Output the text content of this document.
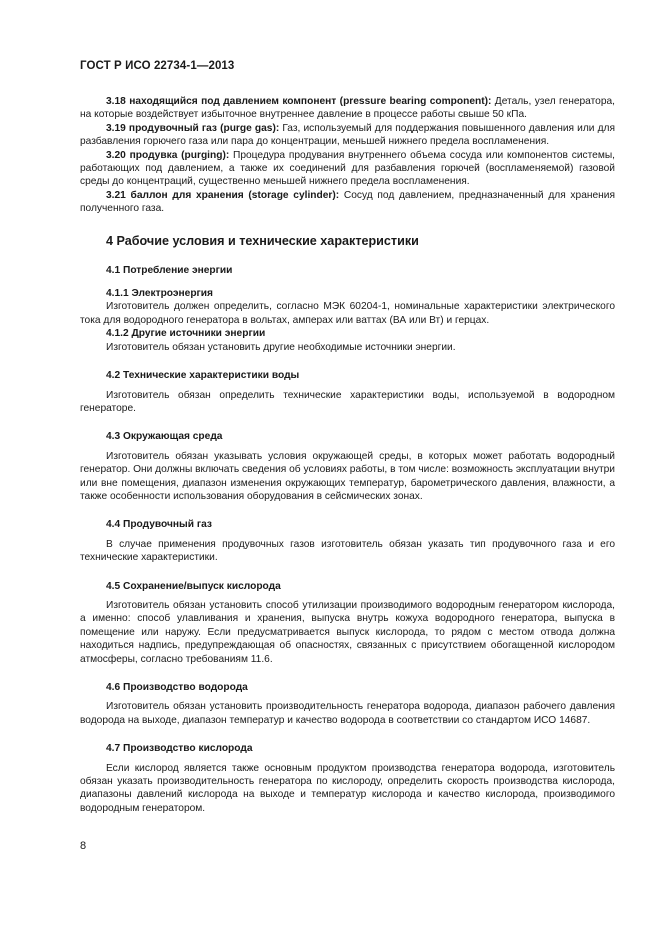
ГОСТ Р ИСО 22734-1—2013

3.18 находящийся под давлением компонент (pressure bearing component): Деталь, узел генератора, на которые воздействует избыточное внутреннее давление в процессе работы свыше 50 кПа.

3.19 продувочный газ (purge gas): Газ, используемый для поддержания повышенного давления или для разбавления горючего газа или пара до концентрации, меньшей нижнего предела воспламенения.

3.20 продувка (purging): Процедура продувания внутреннего объема сосуда или компонентов системы, работающих под давлением, а также их соединений для разбавления горючей (воспламеняемой) газовой среды до концентраций, существенно меньшей нижнего предела воспламенения.

3.21 баллон для хранения (storage cylinder): Сосуд под давлением, предназначенный для хранения полученного газа.

4 Рабочие условия и технические характеристики
4.1 Потребление энергии
4.1.1 Электроэнергия

Изготовитель должен определить, согласно МЭК 60204-1, номинальные характеристики электрического тока для водородного генератора в вольтах, амперах или ваттах (ВА или Вт) и герцах.

4.1.2 Другие источники энергии

Изготовитель обязан установить другие необходимые источники энергии.

4.2 Технические характеристики воды

Изготовитель обязан определить технические характеристики воды, используемой в водородном генераторе.

4.3 Окружающая среда

Изготовитель обязан указывать условия окружающей среды, в которых может работать водородный генератор. Они должны включать сведения об условиях работы, в том числе: возможность эксплуатации внутри или вне помещения, диапазон изменения окружающих температур, барометрического давления, влажности, а также особенности использования оборудования в сейсмических зонах.

4.4 Продувочный газ

В случае применения продувочных газов изготовитель обязан указать тип продувочного газа и его технические характеристики.

4.5 Сохранение/выпуск кислорода

Изготовитель обязан установить способ утилизации производимого водородным генератором кислорода, а именно: способ улавливания и хранения, выпуска внутрь кожуха водородного генератора, выпуска в помещение или наружу. Если предусматривается выпуск кислорода, то рядом с местом отвода должна находиться надпись, предупреждающая об опасностях, связанных с присутствием обогащенной кислородом атмосферы, согласно требованиям 11.6.

4.6 Производство водорода

Изготовитель обязан установить производительность генератора водорода, диапазон рабочего давления водорода на выходе, диапазон температур и качество водорода в соответствии со стандартом ИСО 14687.

4.7 Производство кислорода

Если кислород является также основным продуктом производства генератора водорода, изготовитель обязан указать производительность генератора по кислороду, определить скорость производства кислорода, диапазоны давлений кислорода на выходе и температур кислорода и качество кислорода, производимого водородным генератором.

8
